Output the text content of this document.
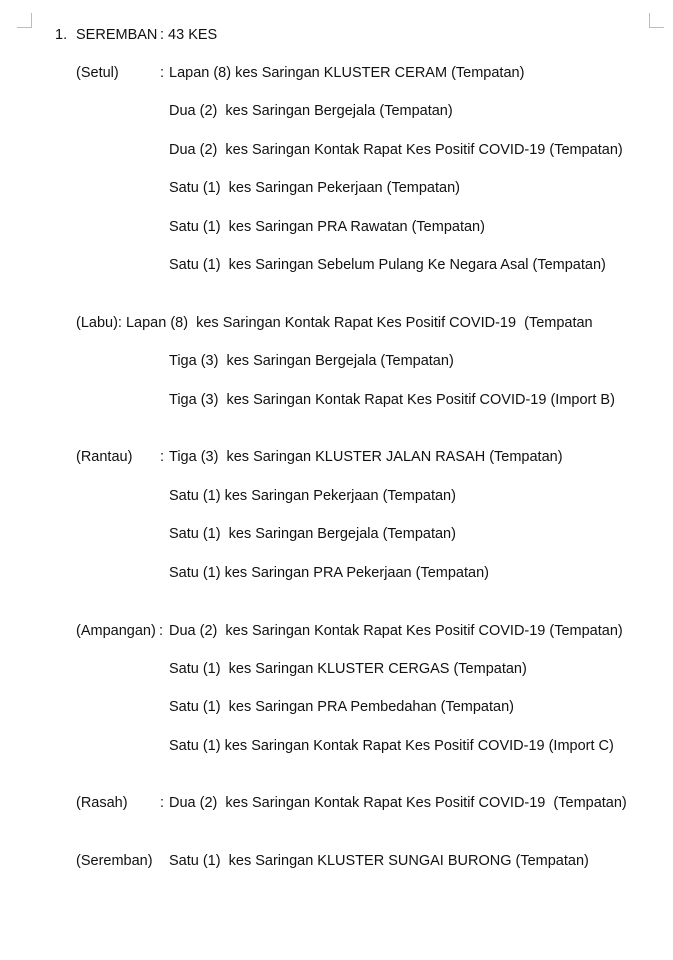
1. SEREMBAN : 43 KES
(Setul)	: Lapan (8) kes Saringan KLUSTER CERAM (Tempatan)
Dua (2)  kes Saringan Bergejala (Tempatan)
Dua (2)  kes Saringan Kontak Rapat Kes Positif COVID-19 (Tempatan)
Satu (1)  kes Saringan Pekerjaan (Tempatan)
Satu (1)  kes Saringan PRA Rawatan (Tempatan)
Satu (1)  kes Saringan Sebelum Pulang Ke Negara Asal (Tempatan)
(Labu): Lapan (8)  kes Saringan Kontak Rapat Kes Positif COVID-19  (Tempatan
Tiga (3)  kes Saringan Bergejala (Tempatan)
Tiga (3)  kes Saringan Kontak Rapat Kes Positif COVID-19 (Import B)
(Rantau) : Tiga (3)  kes Saringan KLUSTER JALAN RASAH (Tempatan)
Satu (1) kes Saringan Pekerjaan (Tempatan)
Satu (1)  kes Saringan Bergejala (Tempatan)
Satu (1) kes Saringan PRA Pekerjaan (Tempatan)
(Ampangan) : Dua (2)  kes Saringan Kontak Rapat Kes Positif COVID-19 (Tempatan)
Satu (1)  kes Saringan KLUSTER CERGAS (Tempatan)
Satu (1)  kes Saringan PRA Pembedahan (Tempatan)
Satu (1) kes Saringan Kontak Rapat Kes Positif COVID-19 (Import C)
(Rasah) : Dua (2)  kes Saringan Kontak Rapat Kes Positif COVID-19  (Tempatan)
(Seremban) Satu (1)  kes Saringan KLUSTER SUNGAI BURONG (Tempatan)
